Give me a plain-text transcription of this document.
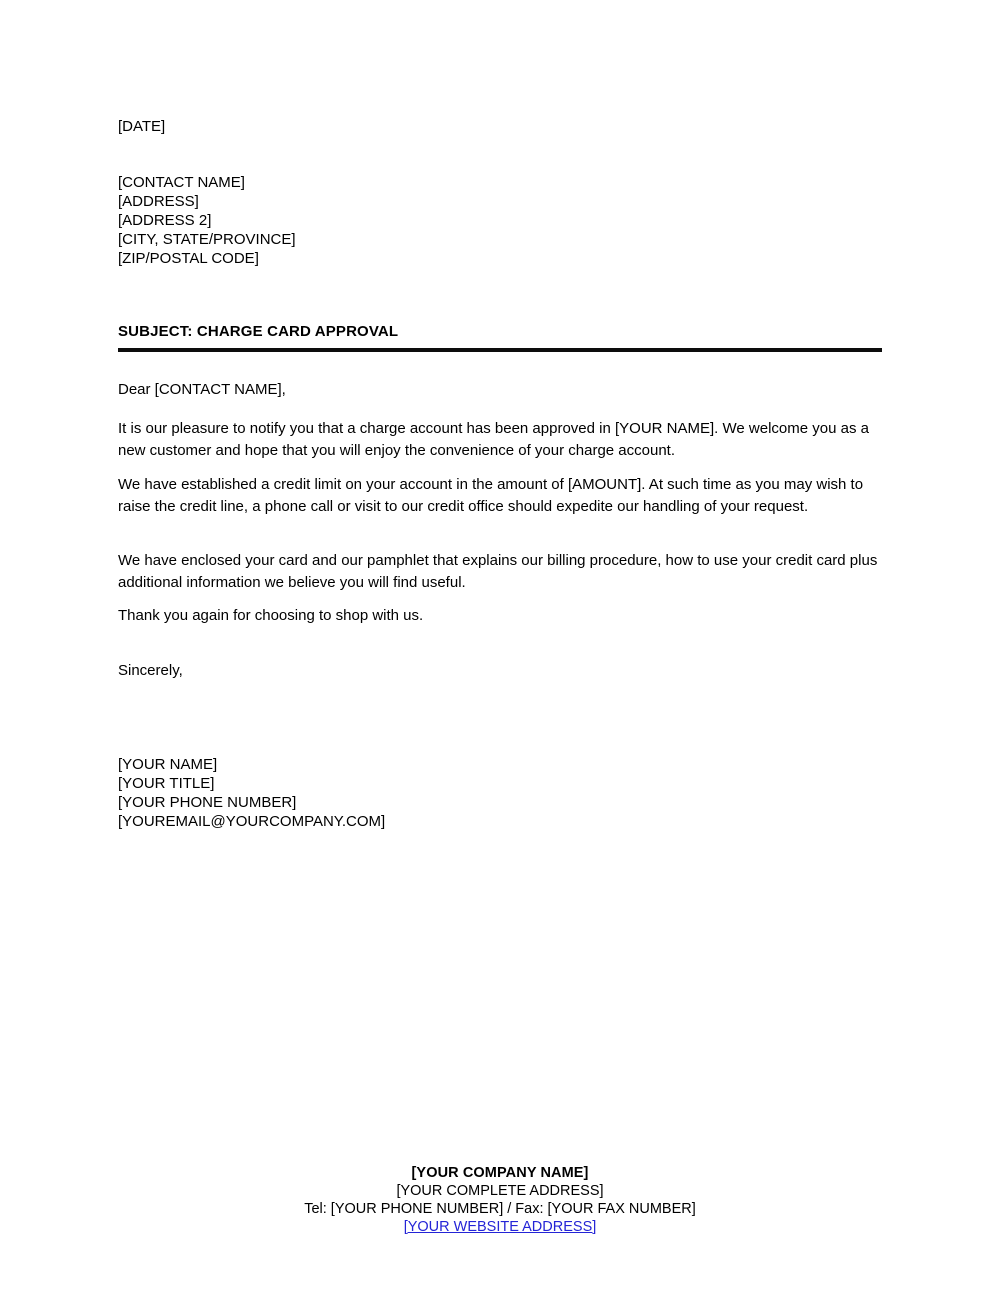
[DATE]
[CONTACT NAME]
[ADDRESS]
[ADDRESS 2]
[CITY, STATE/PROVINCE]
[ZIP/POSTAL CODE]
SUBJECT: CHARGE CARD APPROVAL
Dear [CONTACT NAME],
It is our pleasure to notify you that a charge account has been approved in [YOUR NAME]. We welcome you as a new customer and hope that you will enjoy the convenience of your charge account.
We have established a credit limit on your account in the amount of [AMOUNT]. At such time as you may wish to raise the credit line, a phone call or visit to our credit office should expedite our handling of your request.
We have enclosed your card and our pamphlet that explains our billing procedure, how to use your credit card plus additional information we believe you will find useful.
Thank you again for choosing to shop with us.
Sincerely,
[YOUR NAME]
[YOUR TITLE]
[YOUR PHONE NUMBER]
[YOUREMAIL@YOURCOMPANY.COM]
[YOUR COMPANY NAME]
[YOUR COMPLETE ADDRESS]
Tel: [YOUR PHONE NUMBER] / Fax: [YOUR FAX NUMBER]
[YOUR WEBSITE ADDRESS]
